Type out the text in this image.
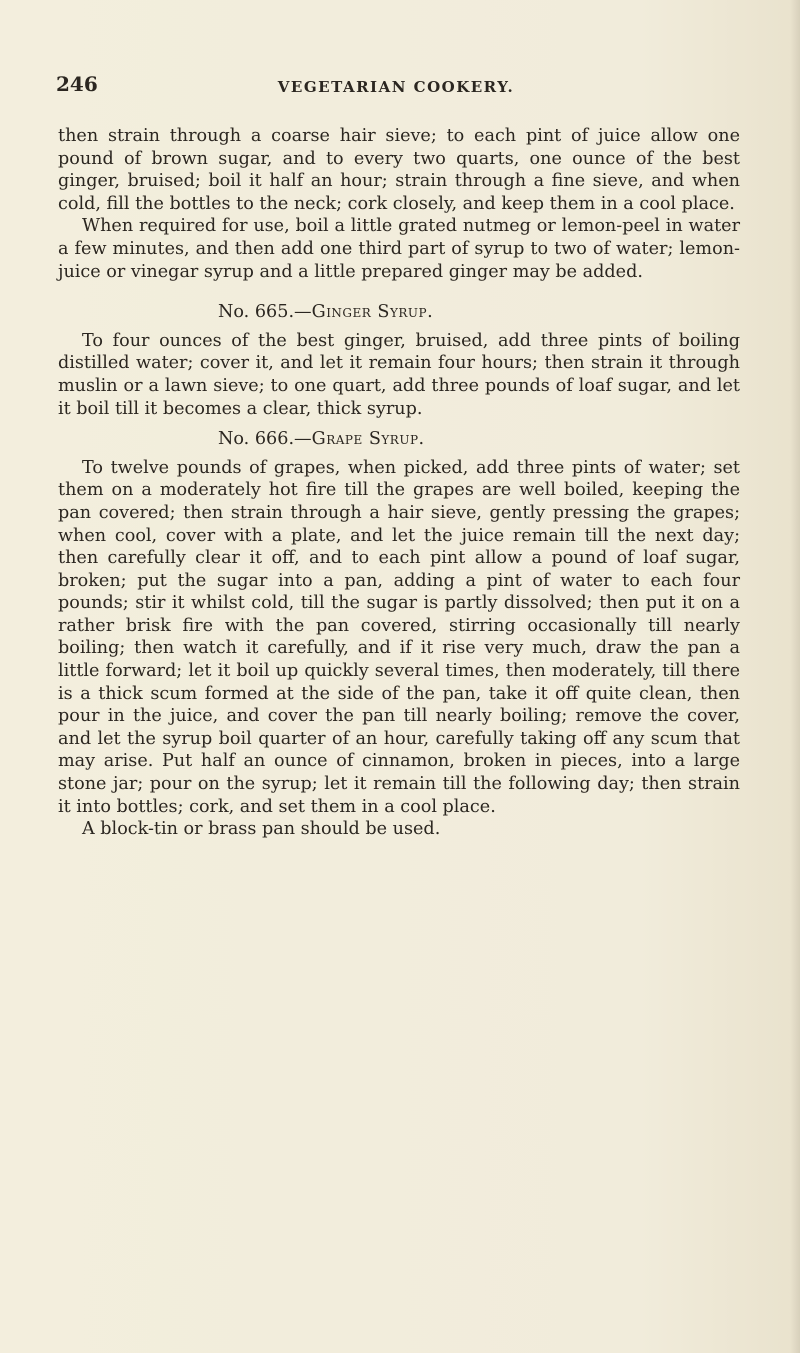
246	VEGETARIAN COOKERY.

then strain through a coarse hair sieve; to each pint of juice allow one pound of brown sugar, and to every two quarts, one ounce of the best ginger, bruised; boil it half an hour; strain through a fine sieve, and when cold, fill the bottles to the neck; cork closely, and keep them in a cool place.

When required for use, boil a little grated nutmeg or lemon-peel in water a few minutes, and then add one third part of syrup to two of water; lemon-juice or vinegar syrup and a little prepared ginger may be added.

No. 665.—Ginger Syrup.

To four ounces of the best ginger, bruised, add three pints of boiling distilled water; cover it, and let it remain four hours; then strain it through muslin or a lawn sieve; to one quart, add three pounds of loaf sugar, and let it boil till it becomes a clear, thick syrup.

No. 666.—Grape Syrup.

To twelve pounds of grapes, when picked, add three pints of water; set them on a moderately hot fire till the grapes are well boiled, keeping the pan covered; then strain through a hair sieve, gently pressing the grapes; when cool, cover with a plate, and let the juice remain till the next day; then carefully clear it off, and to each pint allow a pound of loaf sugar, broken; put the sugar into a pan, adding a pint of water to each four pounds; stir it whilst cold, till the sugar is partly dissolved; then put it on a rather brisk fire with the pan covered, stirring occasionally till nearly boiling; then watch it carefully, and if it rise very much, draw the pan a little forward; let it boil up quickly several times, then moderately, till there is a thick scum formed at the side of the pan, take it off quite clean, then pour in the juice, and cover the pan till nearly boiling; remove the cover, and let the syrup boil quarter of an hour, carefully taking off any scum that may arise. Put half an ounce of cinnamon, broken in pieces, into a large stone jar; pour on the syrup; let it remain till the following day; then strain it into bottles; cork, and set them in a cool place.

A block-tin or brass pan should be used.
